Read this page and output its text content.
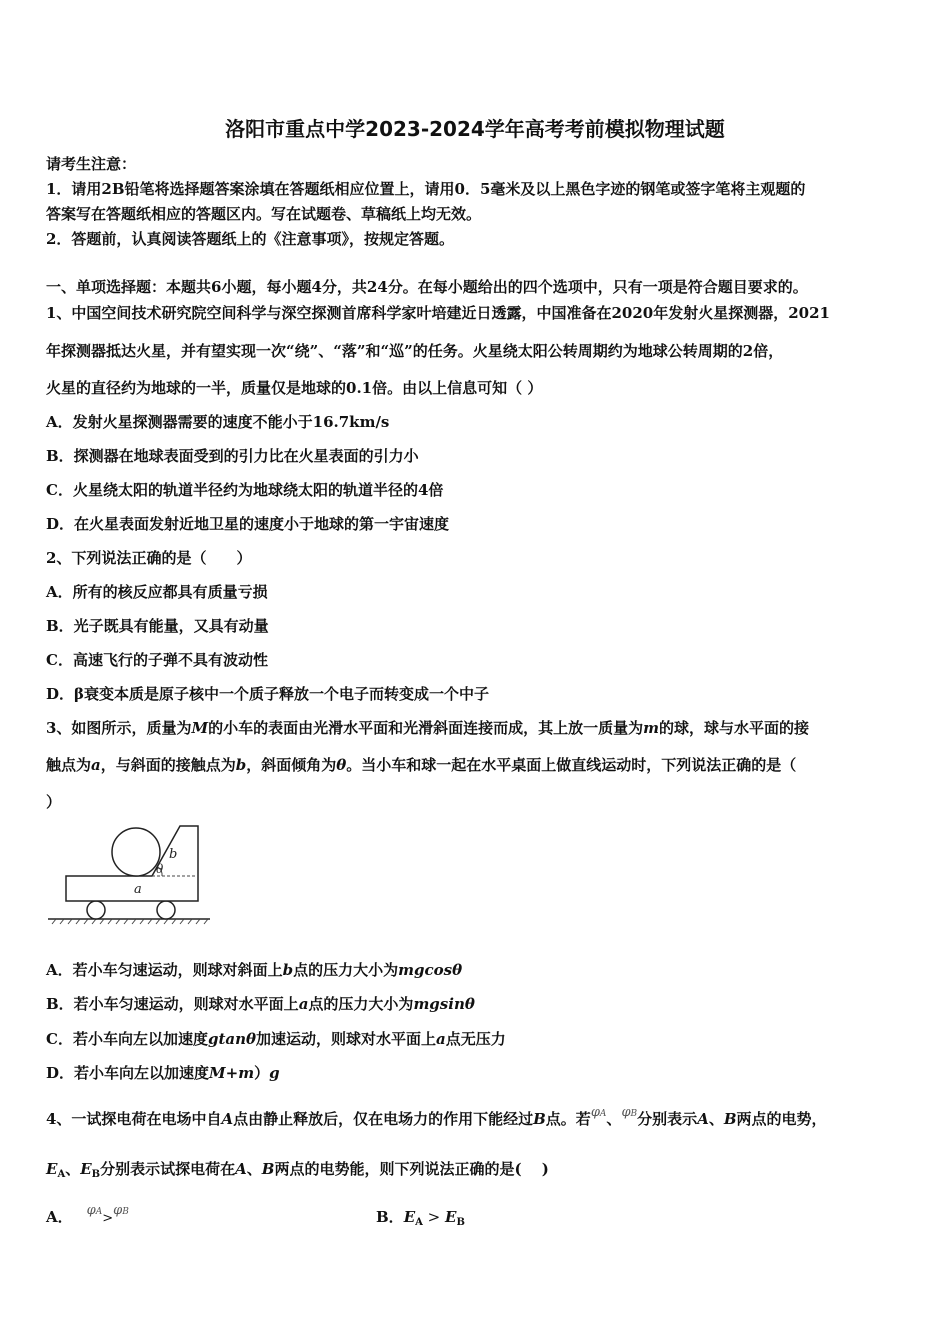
洛阳市重点中学2023-2024学年高考考前模拟物理试题
请考生注意：
1．请用2B铅笔将选择题答案涂填在答题纸相应位置上，请用0．5毫米及以上黑色字迹的钢笔或签字笔将主观题的
答案写在答题纸相应的答题区内。写在试题卷、草稿纸上均无效。
2．答题前，认真阅读答题纸上的《注意事项》，按规定答题。
一、单项选择题：本题共6小题，每小题4分，共24分。在每小题给出的四个选项中，只有一项是符合题目要求的。
1、中国空间技术研究院空间科学与深空探测首席科学家叶培建近日透露，中国准备在2020年发射火星探测器，2021
年探测器抵达火星，并有望实现一次“绕”、“落”和“巡”的任务。火星绕太阳公转周期约为地球公转周期的2倍，
火星的直径约为地球的一半，质量仅是地球的0.1倍。由以上信息可知（ ）
A．发射火星探测器需要的速度不能小于16.7km/s
B．探测器在地球表面受到的引力比在火星表面的引力小
C．火星绕太阳的轨道半径约为地球绕太阳的轨道半径的4倍
D．在火星表面发射近地卫星的速度小于地球的第一宇宙速度
2、下列说法正确的是（　　）
A．所有的核反应都具有质量亏损
B．光子既具有能量，又具有动量
C．高速飞行的子弹不具有波动性
D．β衰变本质是原子核中一个质子释放一个电子而转变成一个中子
3、如图所示，质量为M的小车的表面由光滑水平面和光滑斜面连接而成，其上放一质量为m的球，球与水平面的接
触点为a，与斜面的接触点为b，斜面倾角为θ。当小车和球一起在水平桌面上做直线运动时，下列说法正确的是（
）
b
θ
a
A．若小车匀速运动，则球对斜面上b点的压力大小为mgcosθ
B．若小车匀速运动，则球对水平面上a点的压力大小为mgsinθ
C．若小车向左以加速度gtanθ加速运动，则球对水平面上a点无压力
D．若小车向左以加速度M+m）g
4、一试探电荷在电场中自A点由静止释放后，仅在电场力的作用下能经过B点。若φA、φB分别表示A、B两点的电势，
$E_A$、$E_B$分别表示试探电荷在A、B两点的电势能，则下列说法正确的是(　 )
A． φA>φB	B．$E_A > E_B$
